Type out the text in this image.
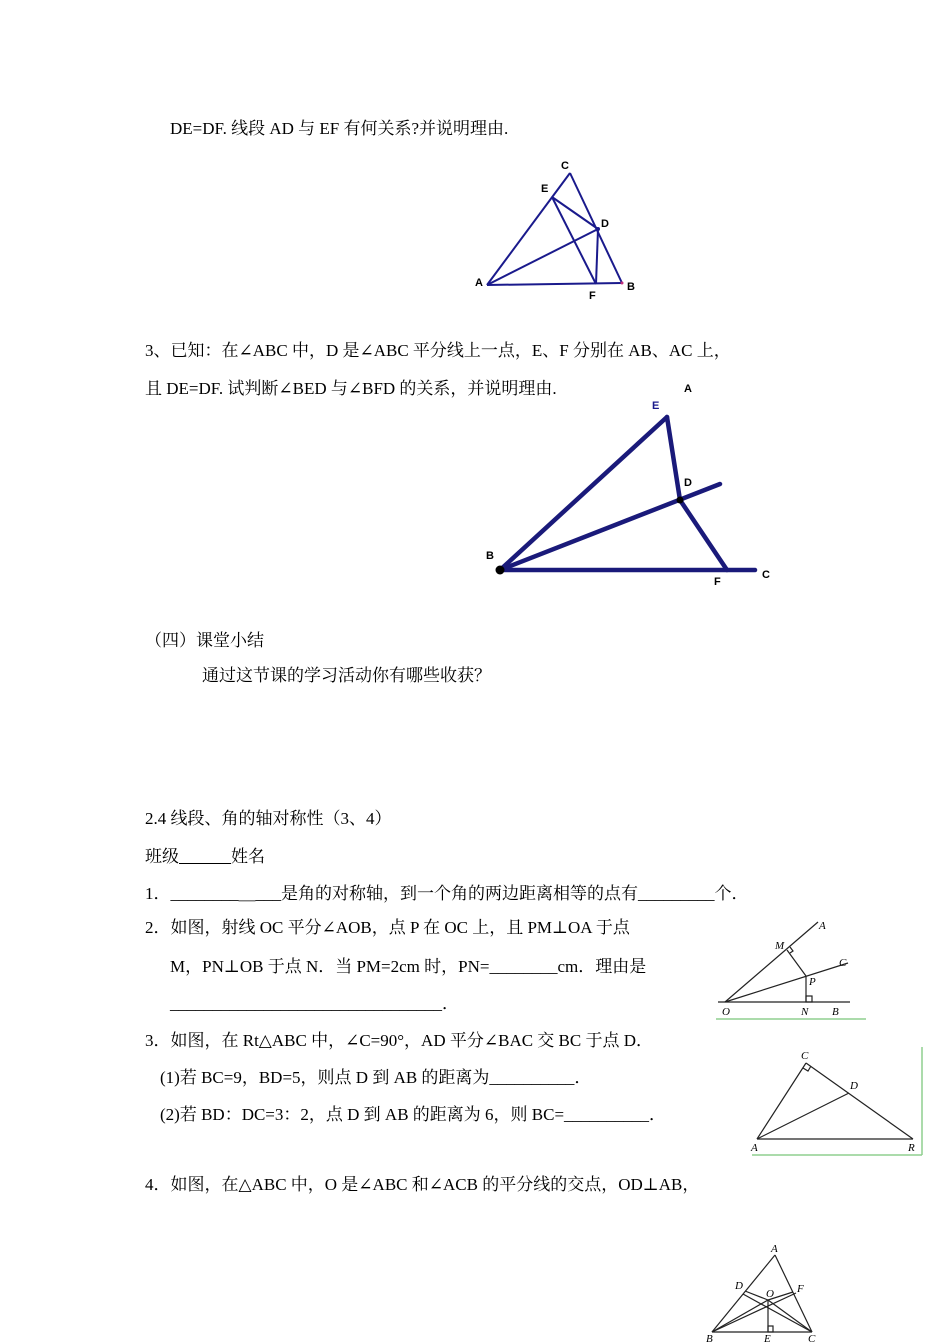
DE=DF. 线段 AD 与 EF 有何关系?并说明理由.
C
E
D
A	B
F
3、已知：在∠ABC 中，D 是∠ABC 平分线上一点，E、F 分别在 AB、AC 上，
且 DE=DF. 试判断∠BED 与∠BFD 的关系，并说明理由.	A
E
D
B
F
C
（四）课堂小结
通过这节课的学习活动你有哪些收获？
2.4 线段、角的轴对称性（3、4）
班级	姓名
1．________＿___是角的对称轴，到一个角的两边距离相等的点有_________个．
2．如图，射线 OC 平分∠AOB，点 P 在 OC 上，且 PM⊥OA 于点
M，PN⊥OB 于点 N．当 PM=2cm 时，PN=________cm．理由是
________________________________．
A
M
C
P
O	N B
3．如图，在 Rt△ABC 中，∠C=90°，AD 平分∠BAC 交 BC 于点 D．
(1)若 BC=9，BD=5，则点 D 到 AB 的距离为__________．
(2)若 BD：DC=3：2，点 D 到 AB 的距离为 6，则 BC=__________．
C
D
A	R
4．如图，在△ABC 中，O 是∠ABC 和∠ACB 的平分线的交点，OD⊥AB，
A
D	F
O
B	E	C
